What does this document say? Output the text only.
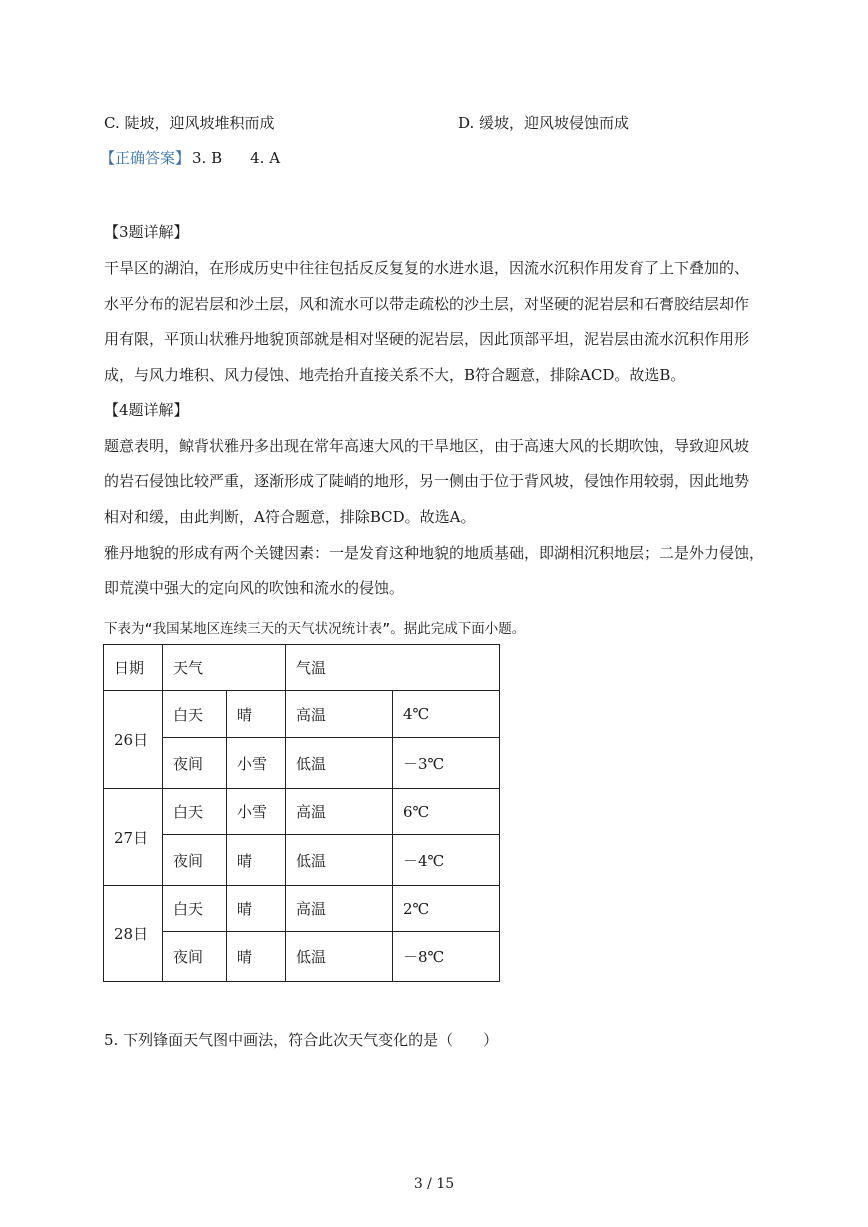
C. 陡坡，迎风坡堆积而成	D. 缓坡，迎风坡侵蚀而成
【正确答案】 3. B 4. A
【3题详解】
干旱区的湖泊，在形成历史中往往包括反反复复的水进水退，因流水沉积作用发育了上下叠加的、
水平分布的泥岩层和沙土层，风和流水可以带走疏松的沙土层，对坚硬的泥岩层和石膏胶结层却作
用有限，平顶山状雅丹地貌顶部就是相对坚硬的泥岩层，因此顶部平坦，泥岩层由流水沉积作用形
成，与风力堆积、风力侵蚀、地壳抬升直接关系不大，B符合题意，排除ACD。故选B。
【4题详解】
题意表明，鲸背状雅丹多出现在常年高速大风的干旱地区，由于高速大风的长期吹蚀，导致迎风坡
的岩石侵蚀比较严重，逐渐形成了陡峭的地形，另一侧由于位于背风坡，侵蚀作用较弱，因此地势
相对和缓，由此判断，A符合题意，排除BCD。故选A。
雅丹地貌的形成有两个关键因素：一是发育这种地貌的地质基础，即湖相沉积地层；二是外力侵蚀，
即荒漠中强大的定向风的吹蚀和流水的侵蚀。
下表为“我国某地区连续三天的天气状况统计表”。据此完成下面小题。
日期	天气		气温	
26日	白天	晴	高温	4℃
	夜间	小雪	低温	－3℃
27日	白天	小雪	高温	6℃
	夜间	晴	低温	－4℃
28日	白天	晴	高温	2℃
	夜间	晴	低温	－8℃
5. 下列锋面天气图中画法，符合此次天气变化的是（　　）
3 / 15
